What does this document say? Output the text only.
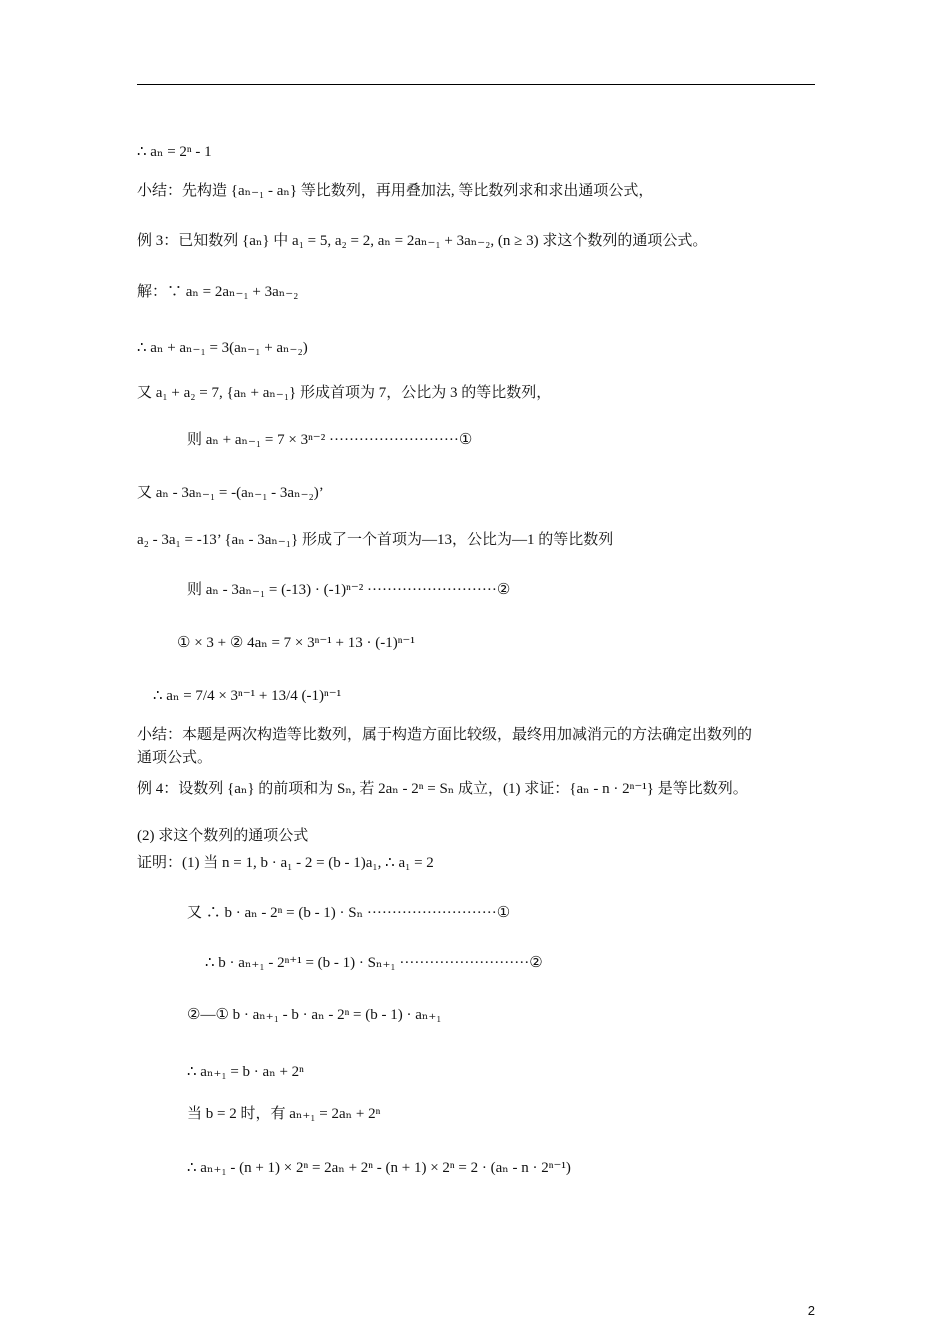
∴ aₙ = 2ⁿ - 1
小结：先构造 {aₙ₋₁ - aₙ} 等比数列，再用叠加法, 等比数列求和求出通项公式，
例 3：已知数列 {aₙ} 中 a₁ = 5, a₂ = 2, aₙ = 2aₙ₋₁ + 3aₙ₋₂, (n ≥ 3) 求这个数列的通项公式。
解：∵ aₙ = 2aₙ₋₁ + 3aₙ₋₂
∴ aₙ + aₙ₋₁ = 3(aₙ₋₁ + aₙ₋₂)
又 a₁ + a₂ = 7, {aₙ + aₙ₋₁} 形成首项为 7，公比为 3 的等比数列，
则 aₙ + aₙ₋₁ = 7 × 3ⁿ⁻² ··························①
又 aₙ - 3aₙ₋₁ = -(aₙ₋₁ - 3aₙ₋₂)’
a₂ - 3a₁ = -13’ {aₙ - 3aₙ₋₁} 形成了一个首项为—13，公比为—1 的等比数列
则 aₙ - 3aₙ₋₁ = (-13) · (-1)ⁿ⁻² ··························②
① × 3 + ② 4aₙ = 7 × 3ⁿ⁻¹ + 13 · (-1)ⁿ⁻¹
∴ aₙ = 7/4 × 3ⁿ⁻¹ + 13/4 (-1)ⁿ⁻¹
小结：本题是两次构造等比数列，属于构造方面比较级，最终用加减消元的方法确定出数列的
通项公式。
例 4：设数列 {aₙ} 的前项和为 Sₙ, 若 2aₙ - 2ⁿ = Sₙ 成立，(1) 求证：{aₙ - n · 2ⁿ⁻¹} 是等比数列。
(2) 求这个数列的通项公式
证明：(1) 当 n = 1, b · a₁ - 2 = (b - 1)a₁, ∴ a₁ = 2
又 ∴ b · aₙ - 2ⁿ = (b - 1) · Sₙ ··························①
∴ b · aₙ₊₁ - 2ⁿ⁺¹ = (b - 1) · Sₙ₊₁ ··························②
②—① b · aₙ₊₁ - b · aₙ - 2ⁿ = (b - 1) · aₙ₊₁
∴ aₙ₊₁ = b · aₙ + 2ⁿ
当 b = 2 时，有 aₙ₊₁ = 2aₙ + 2ⁿ
∴ aₙ₊₁ - (n + 1) × 2ⁿ = 2aₙ + 2ⁿ - (n + 1) × 2ⁿ = 2 · (aₙ - n · 2ⁿ⁻¹)
2
